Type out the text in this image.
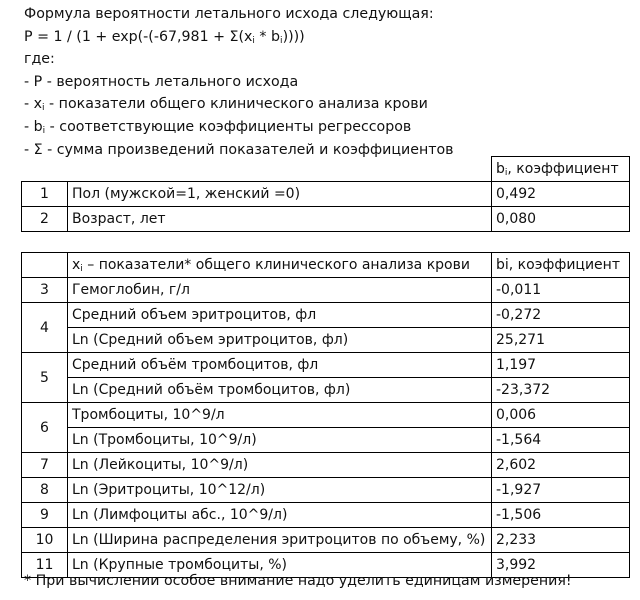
Формула вероятности летального исхода следующая:
$P = 1 / (1 + \exp(-(-67,981 + \Sigma(x_i * b_i))))$
где:
- P - вероятность летального исхода
- $x_i$ - показатели общего клинического анализа крови
- $b_i$ - соответствующие коэффициенты регрессоров
- Σ - сумма произведений показателей и коэффициентов
		$b_i$, коэффициент
1	Пол (мужской=1, женский =0)	0,492
2	Возраст, лет	0,080
	$x_i$ – показатели* общего клинического анализа крови	bi, коэффициент
3	Гемоглобин, г/л	-0,011
4	Средний объем эритроцитов, фл	-0,272
	Ln (Средний объем эритроцитов, фл)	25,271
5	Средний объём тромбоцитов, фл	1,197
	Ln (Средний объём тромбоцитов, фл)	-23,372
6	Тромбоциты, 10^9/л	0,006
	Ln (Тромбоциты, 10^9/л)	-1,564
7	Ln (Лейкоциты, 10^9/л)	2,602
8	Ln (Эритроциты, 10^12/л)	-1,927
9	Ln (Лимфоциты абс., 10^9/л)	-1,506
10	Ln (Ширина распределения эритроцитов по объему, %)	2,233
11	Ln (Крупные тромбоциты, %)	3,992
* При вычислении особое внимание надо уделить единицам измерения!
